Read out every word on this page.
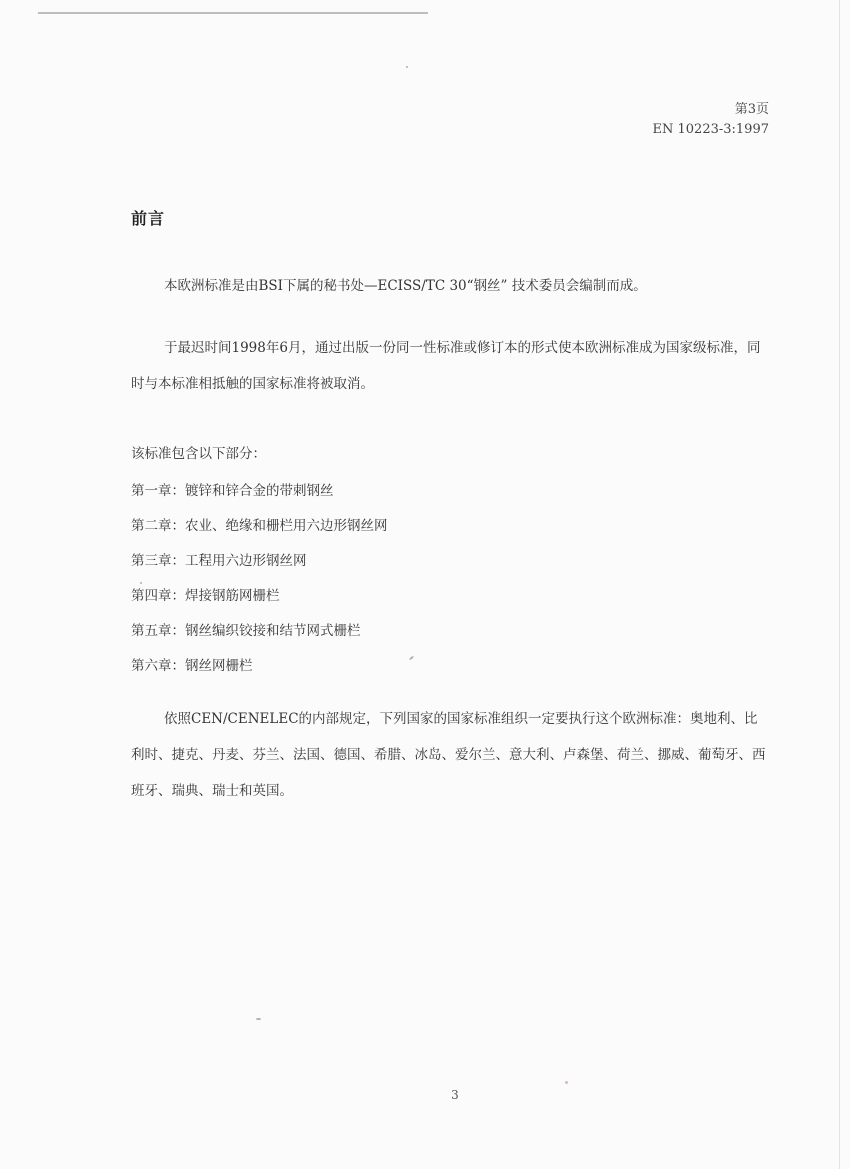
第3页
EN 10223-3:1997
前言

本欧洲标准是由BSI下属的秘书处—ECISS/TC 30“钢丝” 技术委员会编制而成。

于最迟时间1998年6月，通过出版一份同一性标准或修订本的形式使本欧洲标准成为国家级标准，同时与本标准相抵触的国家标准将被取消。

该标准包含以下部分：
第一章：镀锌和锌合金的带刺钢丝
第二章：农业、绝缘和栅栏用六边形钢丝网
第三章：工程用六边形钢丝网
第四章：焊接钢筋网栅栏
第五章：钢丝编织铰接和结节网式栅栏
第六章：钢丝网栅栏

依照CEN/CENELEC的内部规定，下列国家的国家标准组织一定要执行这个欧洲标准：奥地利、比利时、捷克、丹麦、芬兰、法国、德国、希腊、冰岛、爱尔兰、意大利、卢森堡、荷兰、挪威、葡萄牙、西班牙、瑞典、瑞士和英国。

3
